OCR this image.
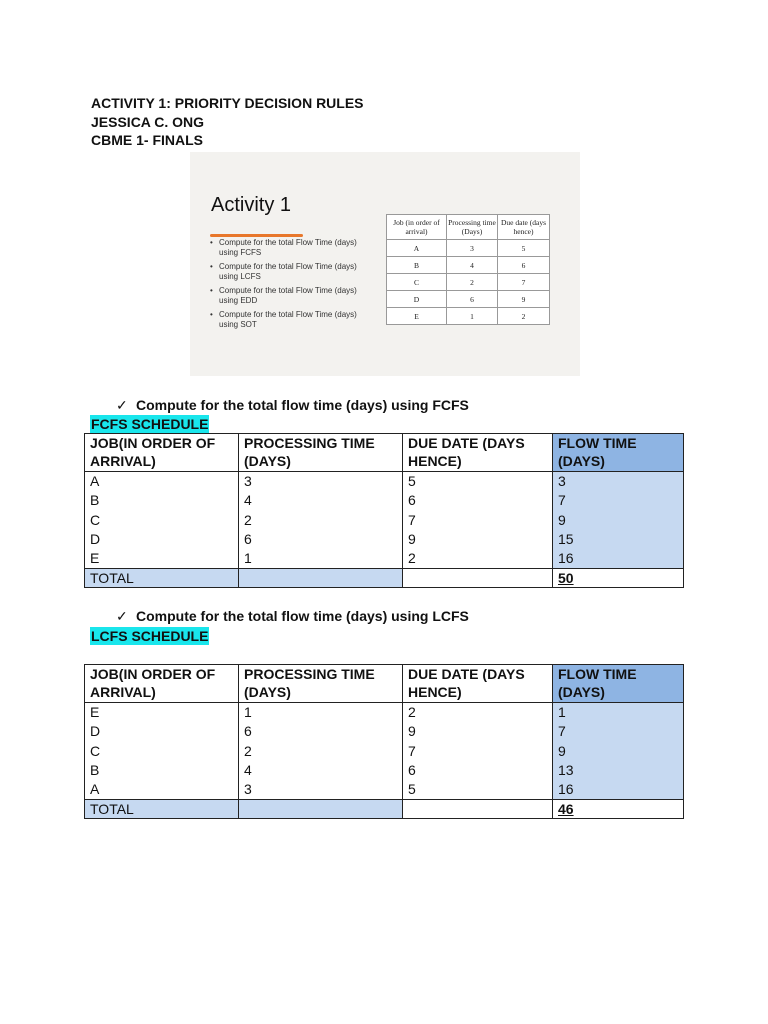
ACTIVITY 1: PRIORITY DECISION RULES
JESSICA C. ONG
CBME 1- FINALS
Activity 1
• Compute for the total Flow Time (days) using FCFS
• Compute for the total Flow Time (days) using LCFS
• Compute for the total Flow Time (days) using EDD
• Compute for the total Flow Time (days) using SOT
Job (in order of arrival)	Processing time (Days)	Due date (days hence)
A	3	5
B	4	6
C	2	7
D	6	9
E	1	2
✓ Compute for the total flow time (days) using FCFS
FCFS SCHEDULE
JOB(IN ORDER OF ARRIVAL)	PROCESSING TIME (DAYS)	DUE DATE (DAYS HENCE)	FLOW TIME (DAYS)
A	3	5	3
B	4	6	7
C	2	7	9
D	6	9	15
E	1	2	16
TOTAL			50
✓ Compute for the total flow time (days) using LCFS
LCFS SCHEDULE
JOB(IN ORDER OF ARRIVAL)	PROCESSING TIME (DAYS)	DUE DATE (DAYS HENCE)	FLOW TIME (DAYS)
E	1	2	1
D	6	9	7
C	2	7	9
B	4	6	13
A	3	5	16
TOTAL			46
